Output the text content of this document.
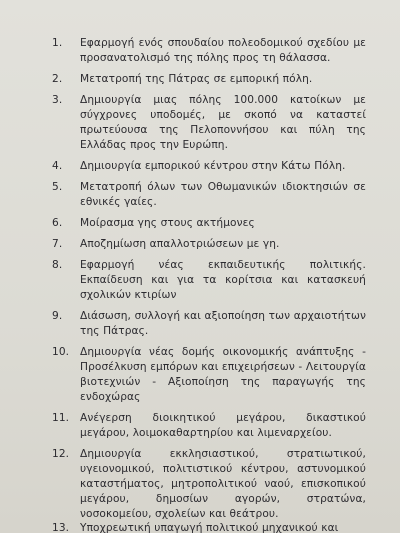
1.	Εφαρμογή ενός σπουδαίου πολεοδομικού σχεδίου με προσανατολισμό της πόλης προς τη θάλασσα.
2.	Μετατροπή της Πάτρας σε εμπορική πόλη.
3.	Δημιουργία μιας πόλης 100.000 κατοίκων με σύγχρονες υποδομές, με σκοπό να καταστεί πρωτεύουσα της Πελοποννήσου και πύλη της Ελλάδας προς την Ευρώπη.
4.	Δημιουργία εμπορικού κέντρου στην Κάτω Πόλη.
5.	Μετατροπή όλων των Οθωμανικών ιδιοκτησιών σε εθνικές γαίες.
6.	Μοίρασμα γης στους ακτήμονες
7.	Αποζημίωση απαλλοτριώσεων με γη.
8.	Εφαρμογή νέας εκπαιδευτικής πολιτικής. Εκπαίδευση και για τα κορίτσια και κατασκευή σχολικών κτιρίων
9.	Διάσωση, συλλογή και αξιοποίηση των αρχαιοτήτων της Πάτρας.
10.	Δημιουργία νέας δομής οικονομικής ανάπτυξης - Προσέλκυση εμπόρων και επιχειρήσεων - Λειτουργία βιοτεχνιών - Αξιοποίηση της παραγωγής της ενδοχώρας
11.	Ανέγερση διοικητικού μεγάρου, δικαστικού μεγάρου, λοιμοκαθαρτηρίου και λιμεναρχείου.
12.	Δημιουργία εκκλησιαστικού, στρατιωτικού, υγειονομικού, πολιτιστικού κέντρου, αστυνομικού καταστήματος, μητροπολιτικού ναού, επισκοπικού μεγάρου, δημοσίων αγορών, στρατώνα, νοσοκομείου, σχολείων και θεάτρου.
13.	Υποχρεωτική υπαγωγή πολιτικού μηχανικού και
